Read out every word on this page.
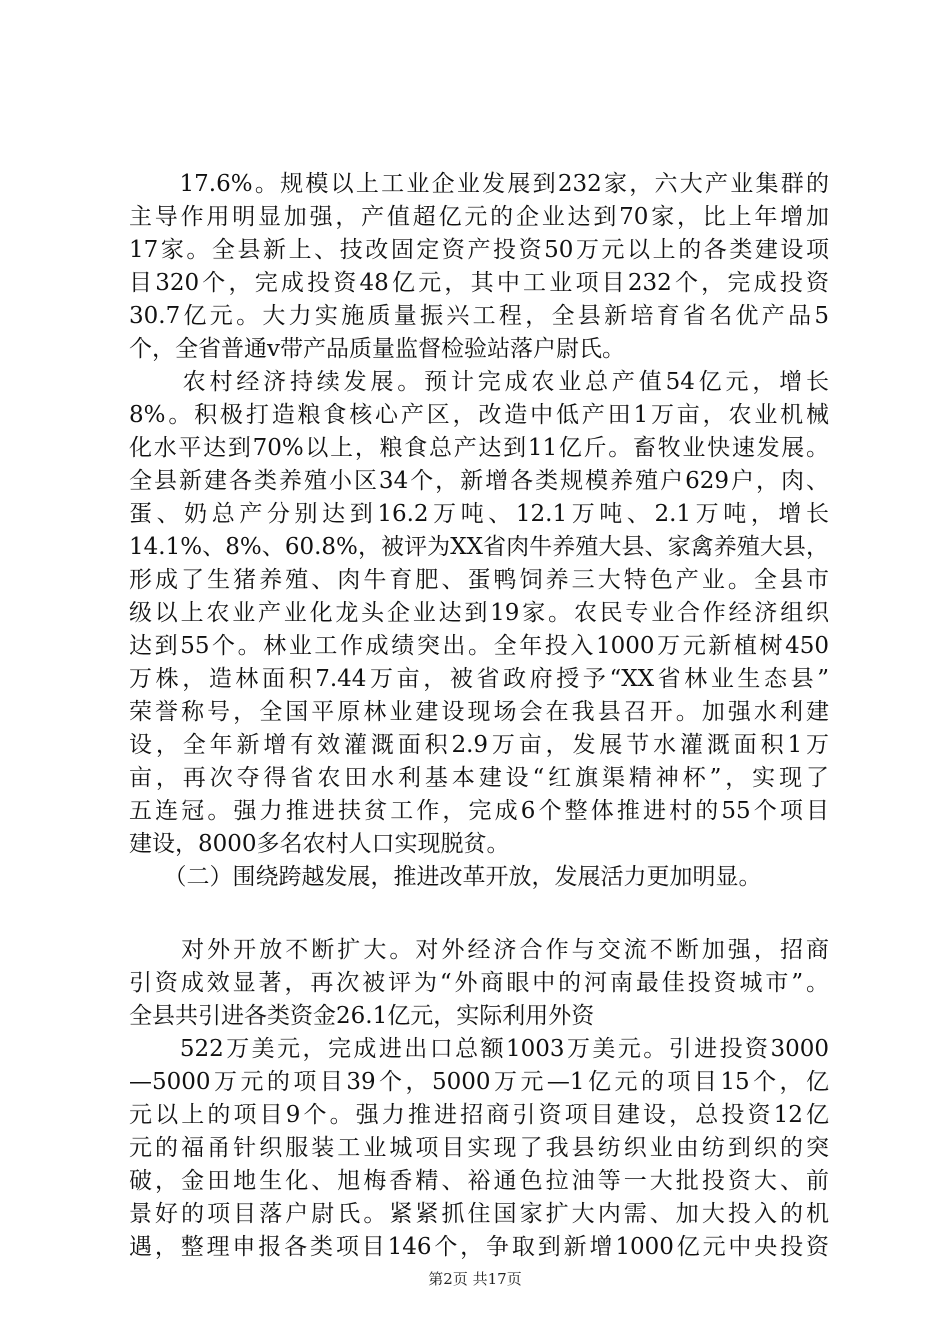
　　17.6%。规模以上工业企业发展到232家，六大产业集群的
主导作用明显加强，产值超亿元的企业达到70家，比上年增加
17家。全县新上、技改固定资产投资50万元以上的各类建设项
目320个，完成投资48亿元，其中工业项目232个，完成投资
30.7亿元。大力实施质量振兴工程，全县新培育省名优产品5
个，全省普通v带产品质量监督检验站落户尉氏。
　　农村经济持续发展。预计完成农业总产值54亿元，增长
8%。积极打造粮食核心产区，改造中低产田1万亩，农业机械
化水平达到70%以上，粮食总产达到11亿斤。畜牧业快速发展。
全县新建各类养殖小区34个，新增各类规模养殖户629户，肉、
蛋、奶总产分别达到16.2万吨、12.1万吨、2.1万吨，增长
14.1%、8%、60.8%，被评为XX省肉牛养殖大县、家禽养殖大县，
形成了生猪养殖、肉牛育肥、蛋鸭饲养三大特色产业。全县市
级以上农业产业化龙头企业达到19家。农民专业合作经济组织
达到55个。林业工作成绩突出。全年投入1000万元新植树450
万株，造林面积7.44万亩，被省政府授予“XX省林业生态县”
荣誉称号，全国平原林业建设现场会在我县召开。加强水利建
设，全年新增有效灌溉面积2.9万亩，发展节水灌溉面积1万
亩，再次夺得省农田水利基本建设“红旗渠精神杯”，实现了
五连冠。强力推进扶贫工作，完成6个整体推进村的55个项目
建设，8000多名农村人口实现脱贫。
　　（二）围绕跨越发展，推进改革开放，发展活力更加明显。
　　对外开放不断扩大。对外经济合作与交流不断加强，招商
引资成效显著，再次被评为“外商眼中的河南最佳投资城市”。
全县共引进各类资金26.1亿元，实际利用外资
　　522万美元，完成进出口总额1003万美元。引进投资3000
—5000万元的项目39个，5000万元—1亿元的项目15个，亿
元以上的项目9个。强力推进招商引资项目建设，总投资12亿
元的福甬针织服装工业城项目实现了我县纺织业由纺到织的突
破，金田地生化、旭梅香精、裕通色拉油等一大批投资大、前
景好的项目落户尉氏。紧紧抓住国家扩大内需、加大投入的机
遇，整理申报各类项目146个，争取到新增1000亿元中央投资
第2页 共17页
